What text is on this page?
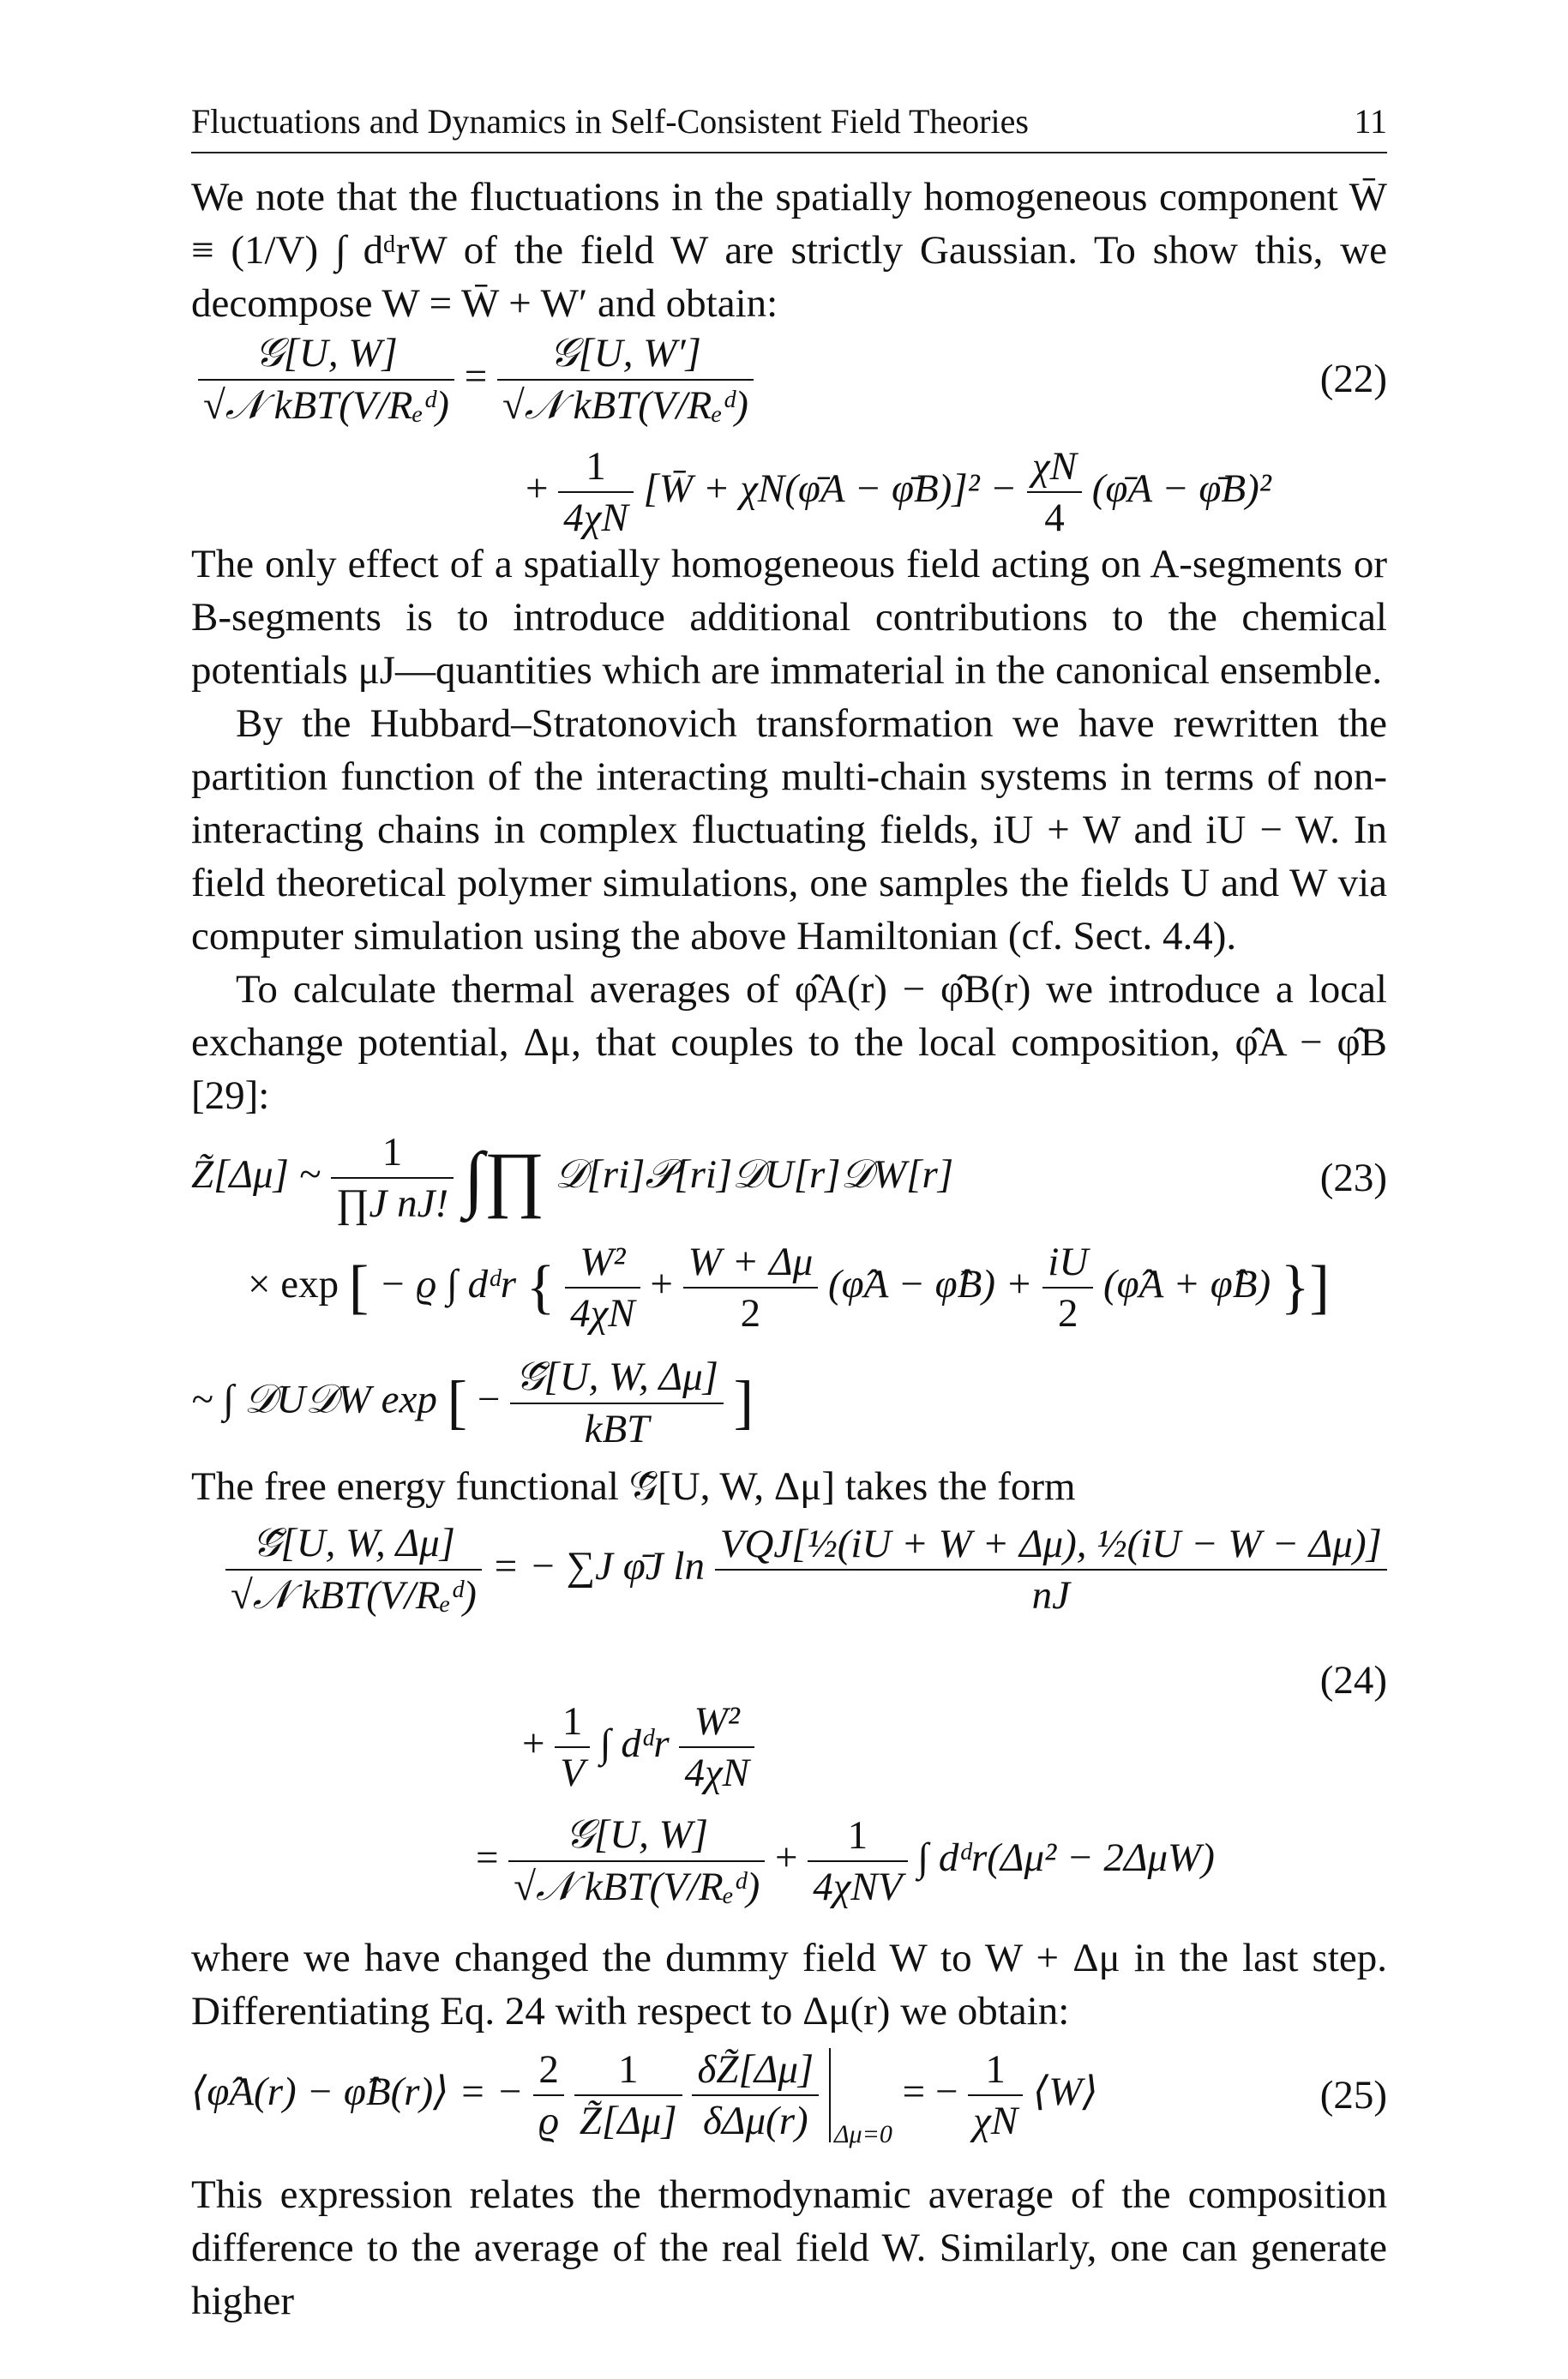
Fluctuations and Dynamics in Self-Consistent Field Theories	11

We note that the fluctuations in the spatially homogeneous component W̄ ≡ (1/V) ∫ dᵈrW of the field W are strictly Gaussian. To show this, we decompose W = W̄ + W′ and obtain:

$\frac{\text{𝒢[U, W]}}{\text{√𝒩 kBT(V/Rₑᵈ)}} = \frac{\text{𝒢[U, W′]}}{\text{√𝒩 kBT(V/Rₑᵈ)}}$	(22)
+ $\frac{1}{4\chi N}$ [W̄ + χN(φ̄A − φ̄B)]² − $\frac{\chi N}{4}$ (φ̄A − φ̄B)²

The only effect of a spatially homogeneous field acting on A-segments or B-segments is to introduce additional contributions to the chemical potentials μJ—quantities which are immaterial in the canonical ensemble.

By the Hubbard–Stratonovich transformation we have rewritten the partition function of the interacting multi-chain systems in terms of non-interacting chains in complex fluctuating fields, iU + W and iU − W. In field theoretical polymer simulations, one samples the fields U and W via computer simulation using the above Hamiltonian (cf. Sect. 4.4).

To calculate thermal averages of φ̂A(r) − φ̂B(r) we introduce a local exchange potential, Δμ, that couples to the local composition, φ̂A − φ̂B [29]:

Z̃[Δμ] ~ $\frac{1}{\text{∏J nJ!}}$ ∫∏ 𝒟[ri]𝒫[ri]𝒟U[r]𝒟W[r]	(23)
× exp [ − ϱ ∫ dᵈr { $\frac{\text{W²}}{4\chi N} + \frac{W + \Delta\mu}{2}$ (φ̂A − φ̂B) + $\frac{iU}{2}$ (φ̂A + φ̂B) }]
~ ∫ 𝒟U𝒟W exp [ − $\frac{\text{𝒢̃[U, W, Δμ]}}{\text{kBT}}$ ]

The free energy functional 𝒢̃[U, W, Δμ] takes the form

$\frac{\text{𝒢̃[U, W, Δμ]}}{\text{√𝒩 kBT(V/Rₑᵈ)}}$ = − ∑J φ̄J $\ln \frac{\text{VQJ[½(iU + W + Δμ), ½(iU − W − Δμ)]}}{nJ}$
(24)
+ $\frac{1}{V}$ ∫ dᵈr $\frac{\text{W²}}{4\chi N}$
= $\frac{\text{𝒢[U, W]}}{\text{√𝒩 kBT(V/Rₑᵈ)}} + \frac{1}{\text{4χNV}}$ ∫ dᵈr(Δμ² − 2ΔμW)

where we have changed the dummy field W to W + Δμ in the last step. Differentiating Eq. 24 with respect to Δμ(r) we obtain:

⟨φ̂A(r) − φ̂B(r)⟩ = − $\frac{2}{ϱ}$
$\frac{1}{Z̃[\Delta\mu]}$
$\frac{\delta Z̃[\Delta\mu]}{\text{δΔμ(r)}}$
Δμ=0
= − $\frac{1}{\chi N}$ ⟨W⟩	(25)

This expression relates the thermodynamic average of the composition difference to the average of the real field W. Similarly, one can generate higher
